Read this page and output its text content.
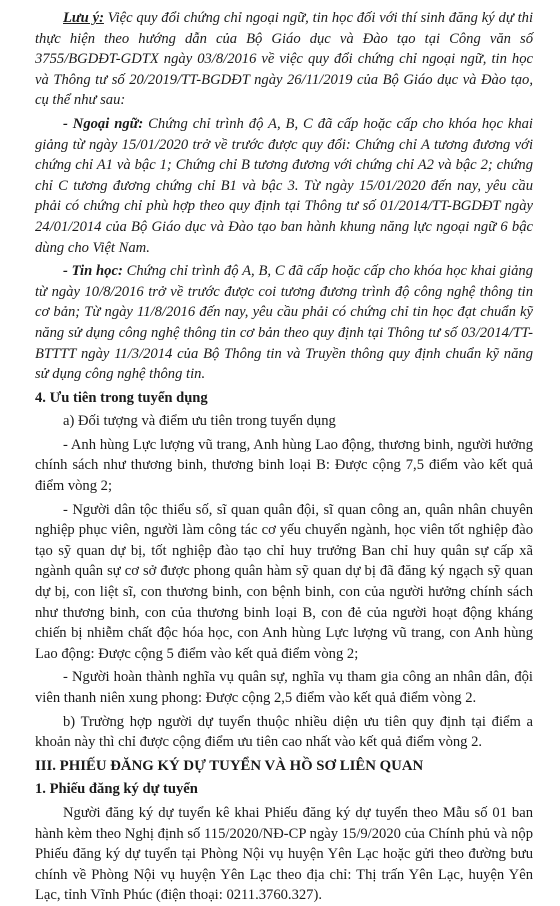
Lưu ý: Việc quy đổi chứng chỉ ngoại ngữ, tin học đối với thí sinh đăng ký dự thi thực hiện theo hướng dẫn của Bộ Giáo dục và Đào tạo tại Công văn số 3755/BGDĐT-GDTX ngày 03/8/2016 về việc quy đổi chứng chỉ ngoại ngữ, tin học và Thông tư số 20/2019/TT-BGDĐT ngày 26/11/2019 của Bộ Giáo dục và Đào tạo, cụ thể như sau:

- Ngoại ngữ: Chứng chỉ trình độ A, B, C đã cấp hoặc cấp cho khóa học khai giảng từ ngày 15/01/2020 trở về trước được quy đổi: Chứng chỉ A tương đương với chứng chỉ A1 và bậc 1; Chứng chỉ B tương đương với chứng chỉ A2 và bậc 2; chứng chỉ C tương đương chứng chỉ B1 và bậc 3. Từ ngày 15/01/2020 đến nay, yêu cầu phải có chứng chỉ phù hợp theo quy định tại Thông tư số 01/2014/TT-BGDĐT ngày 24/01/2014 của Bộ Giáo dục và Đào tạo ban hành khung năng lực ngoại ngữ 6 bậc dùng cho Việt Nam.

- Tin học: Chứng chỉ trình độ A, B, C đã cấp hoặc cấp cho khóa học khai giảng từ ngày 10/8/2016 trở về trước được coi tương đương trình độ công nghệ thông tin cơ bản; Từ ngày 11/8/2016 đến nay, yêu cầu phải có chứng chỉ tin học đạt chuẩn kỹ năng sử dụng công nghệ thông tin cơ bản theo quy định tại Thông tư số 03/2014/TT-BTTTT ngày 11/3/2014 của Bộ Thông tin và Truyền thông quy định chuẩn kỹ năng sử dụng công nghệ thông tin.

4. Ưu tiên trong tuyển dụng

a) Đối tượng và điểm ưu tiên trong tuyển dụng

- Anh hùng Lực lượng vũ trang, Anh hùng Lao động, thương binh, người hưởng chính sách như thương binh, thương binh loại B: Được cộng 7,5 điểm vào kết quả điểm vòng 2;

- Người dân tộc thiểu số, sĩ quan quân đội, sĩ quan công an, quân nhân chuyên nghiệp phục viên, người làm công tác cơ yếu chuyển ngành, học viên tốt nghiệp đào tạo sỹ quan dự bị, tốt nghiệp đào tạo chỉ huy trưởng Ban chỉ huy quân sự cấp xã ngành quân sự cơ sở được phong quân hàm sỹ quan dự bị đã đăng ký ngạch sỹ quan dự bị, con liệt sĩ, con thương binh, con bệnh binh, con của người hưởng chính sách như thương binh, con của thương binh loại B, con đẻ của người hoạt động kháng chiến bị nhiễm chất độc hóa học, con Anh hùng Lực lượng vũ trang, con Anh hùng Lao động: Được cộng 5 điểm vào kết quả điểm vòng 2;

- Người hoàn thành nghĩa vụ quân sự, nghĩa vụ tham gia công an nhân dân, đội viên thanh niên xung phong: Được cộng 2,5 điểm vào kết quả điểm vòng 2.

b) Trường hợp người dự tuyển thuộc nhiều diện ưu tiên quy định tại điểm a khoản này thì chỉ được cộng điểm ưu tiên cao nhất vào kết quả điểm vòng 2.

III. PHIẾU ĐĂNG KÝ DỰ TUYỂN VÀ HỒ SƠ LIÊN QUAN
1. Phiếu đăng ký dự tuyển

Người đăng ký dự tuyển kê khai Phiếu đăng ký dự tuyển theo Mẫu số 01 ban hành kèm theo Nghị định số 115/2020/NĐ-CP ngày 15/9/2020 của Chính phủ và nộp Phiếu đăng ký dự tuyển tại Phòng Nội vụ huyện Yên Lạc hoặc gửi theo đường bưu chính về Phòng Nội vụ huyện Yên Lạc theo địa chỉ: Thị trấn Yên Lạc, huyện Yên Lạc, tỉnh Vĩnh Phúc (điện thoại: 0211.3760.327).
